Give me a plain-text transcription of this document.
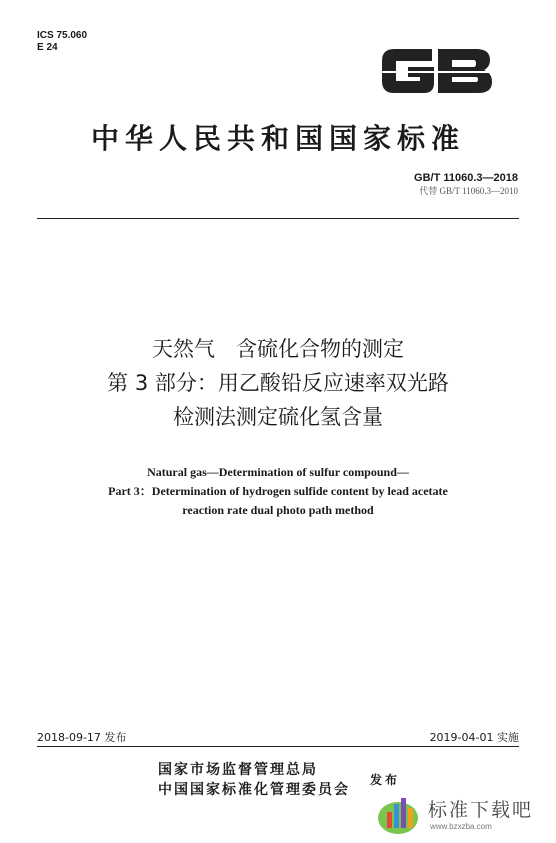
ICS 75.060
E 24
中华人民共和国国家标准
GB/T 11060.3—2018
代替 GB/T 11060.3—2010
天然气　含硫化合物的测定
第 3 部分：用乙酸铅反应速率双光路
检测法测定硫化氢含量
Natural gas—Determination of sulfur compound—
Part 3：Determination of hydrogen sulfide content by lead acetate
reaction rate dual photo path method
2018-09-17 发布	2019-04-01 实施
国家市场监督管理总局
中国国家标准化管理委员会
发布
标准下载吧
www.bzxzba.com
